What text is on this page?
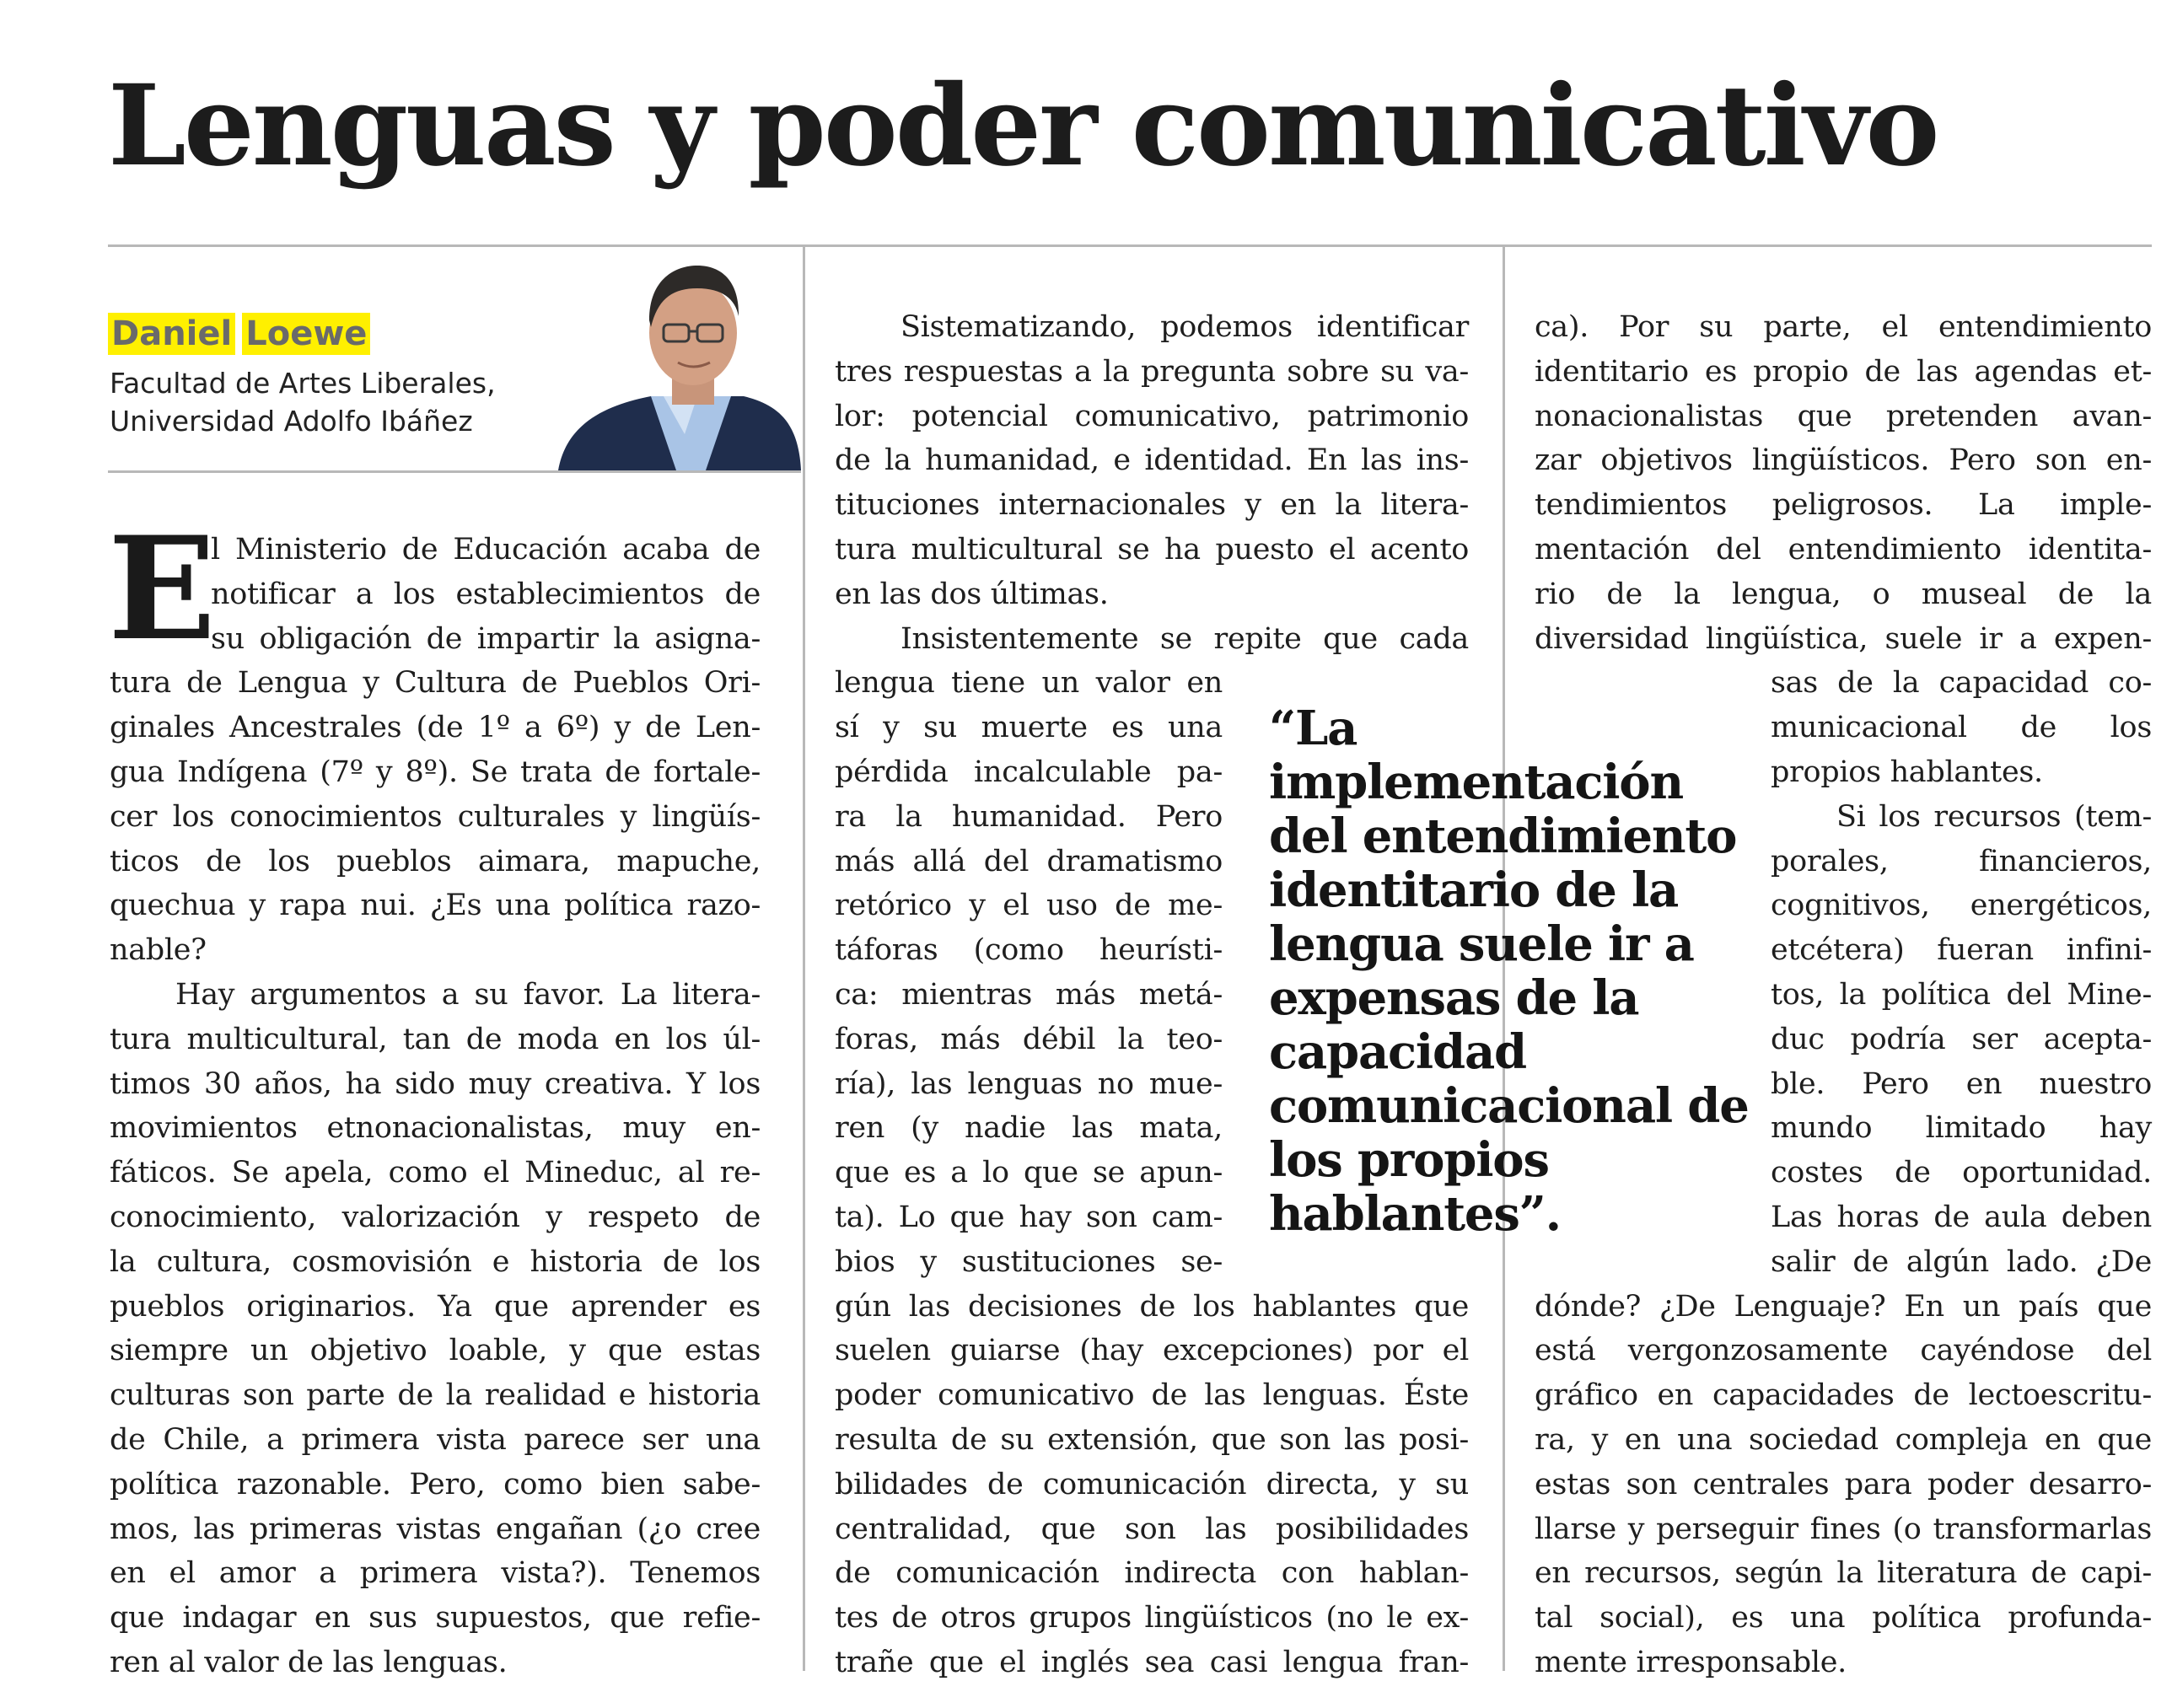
Lenguas y poder comunicativo
Daniel Loewe
Facultad de Artes Liberales,
Universidad Adolfo Ibáñez
E
l Ministerio de Educación acaba de
notificar a los establecimientos de
su obligación de impartir la asigna-
tura de Lengua y Cultura de Pueblos Ori-
ginales Ancestrales (de 1º a 6º) y de Len-
gua Indígena (7º y 8º). Se trata de fortale-
cer los conocimientos culturales y lingüís-
ticos de los pueblos aimara, mapuche,
quechua y rapa nui. ¿Es una política razo-
nable?
Hay argumentos a su favor. La litera-
tura multicultural, tan de moda en los úl-
timos 30 años, ha sido muy creativa. Y los
movimientos etnonacionalistas, muy en-
fáticos. Se apela, como el Mineduc, al re-
conocimiento, valorización y respeto de
la cultura, cosmovisión e historia de los
pueblos originarios. Ya que aprender es
siempre un objetivo loable, y que estas
culturas son parte de la realidad e historia
de Chile, a primera vista parece ser una
política razonable. Pero, como bien sabe-
mos, las primeras vistas engañan (¿o cree
en el amor a primera vista?). Tenemos
que indagar en sus supuestos, que refie-
ren al valor de las lenguas.
Sistematizando, podemos identificar
tres respuestas a la pregunta sobre su va-
lor: potencial comunicativo, patrimonio
de la humanidad, e identidad. En las ins-
tituciones internacionales y en la litera-
tura multicultural se ha puesto el acento
en las dos últimas.
Insistentemente se repite que cada
lengua tiene un valor en
sí y su muerte es una
pérdida incalculable pa-
ra la humanidad. Pero
más allá del dramatismo
retórico y el uso de me-
táforas (como heurísti-
ca: mientras más metá-
foras, más débil la teo-
ría), las lenguas no mue-
ren (y nadie las mata,
que es a lo que se apun-
ta). Lo que hay son cam-
bios y sustituciones se-
gún las decisiones de los hablantes que
suelen guiarse (hay excepciones) por el
poder comunicativo de las lenguas. Éste
resulta de su extensión, que son las posi-
bilidades de comunicación directa, y su
centralidad, que son las posibilidades
de comunicación indirecta con hablan-
tes de otros grupos lingüísticos (no le ex-
trañe que el inglés sea casi lengua fran-
ca). Por su parte, el entendimiento
identitario es propio de las agendas et-
nonacionalistas que pretenden avan-
zar objetivos lingüísticos. Pero son en-
tendimientos peligrosos. La imple-
mentación del entendimiento identita-
rio de la lengua, o museal de la
diversidad lingüística, suele ir a expen-
sas de la capacidad co-
municacional de los
propios hablantes.
Si los recursos (tem-
porales, financieros,
cognitivos, energéticos,
etcétera) fueran infini-
tos, la política del Mine-
duc podría ser acepta-
ble. Pero en nuestro
mundo limitado hay
costes de oportunidad.
Las horas de aula deben
salir de algún lado. ¿De
dónde? ¿De Lenguaje? En un país que
está vergonzosamente cayéndose del
gráfico en capacidades de lectoescritu-
ra, y en una sociedad compleja en que
estas son centrales para poder desarro-
llarse y perseguir fines (o transformarlas
en recursos, según la literatura de capi-
tal social), es una política profunda-
mente irresponsable.
“La
implementación
del entendimiento
identitario de la
lengua suele ir a
expensas de la
capacidad
comunicacional de
los propios
hablantes”.
